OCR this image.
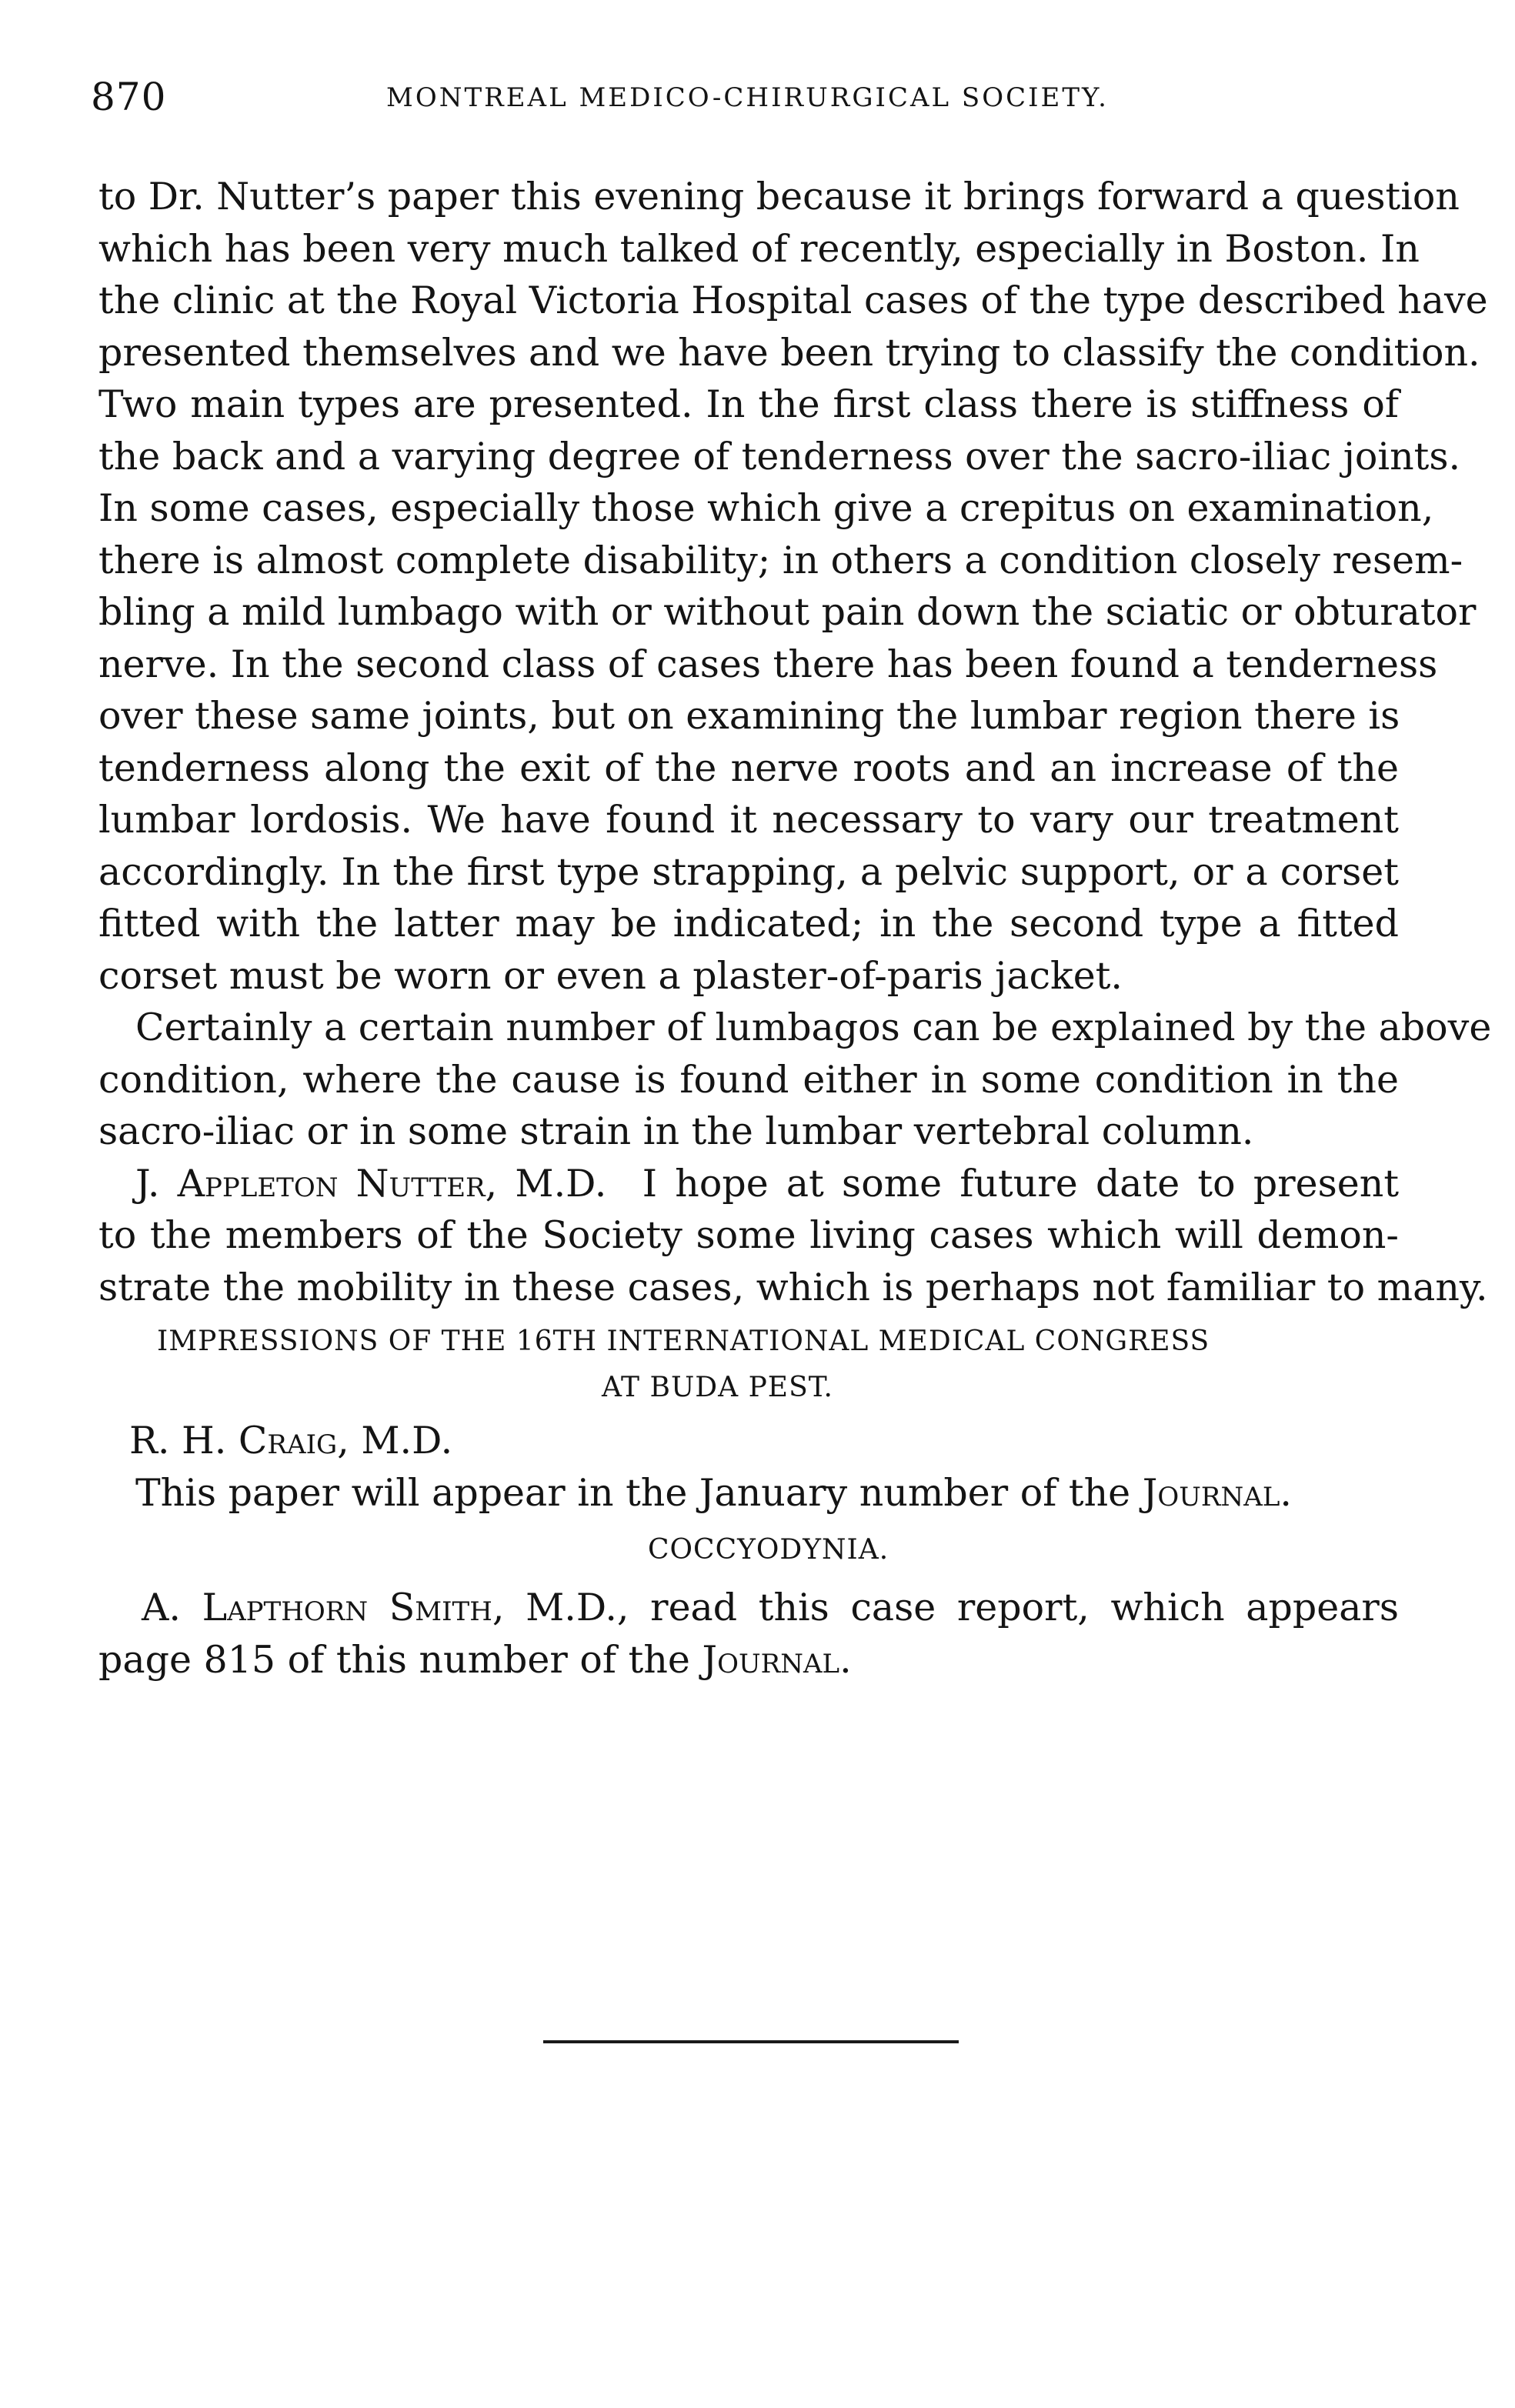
870	MONTREAL MEDICO-CHIRURGICAL SOCIETY.
to Dr. Nutter’s paper this evening because it brings forward a question
which has been very much talked of recently, especially in Boston. In
the clinic at the Royal Victoria Hospital cases of the type described have
presented themselves and we have been trying to classify the condition.
Two main types are presented. In the first class there is stiffness of
the back and a varying degree of tenderness over the sacro-iliac joints.
In some cases, especially those which give a crepitus on examination,
there is almost complete disability; in others a condition closely resem-
bling a mild lumbago with or without pain down the sciatic or obturator
nerve. In the second class of cases there has been found a tenderness
over these same joints, but on examining the lumbar region there is
tenderness along the exit of the nerve roots and an increase of the
lumbar lordosis. We have found it necessary to vary our treatment
accordingly. In the first type strapping, a pelvic support, or a corset
fitted with the latter may be indicated; in the second type a fitted
corset must be worn or even a plaster-of-paris jacket.
Certainly a certain number of lumbagos can be explained by the above
condition, where the cause is found either in some condition in the
sacro-iliac or in some strain in the lumbar vertebral column.
J. Appleton Nutter, M.D. I hope at some future date to present
to the members of the Society some living cases which will demon-
strate the mobility in these cases, which is perhaps not familiar to many.
IMPRESSIONS OF THE 16TH INTERNATIONAL MEDICAL CONGRESS
AT BUDA PEST.
R. H. Craig, M.D.
This paper will appear in the January number of the Journal.
COCCYODYNIA.
A. Lapthorn Smith, M.D., read this case report, which appears
page 815 of this number of the Journal.
